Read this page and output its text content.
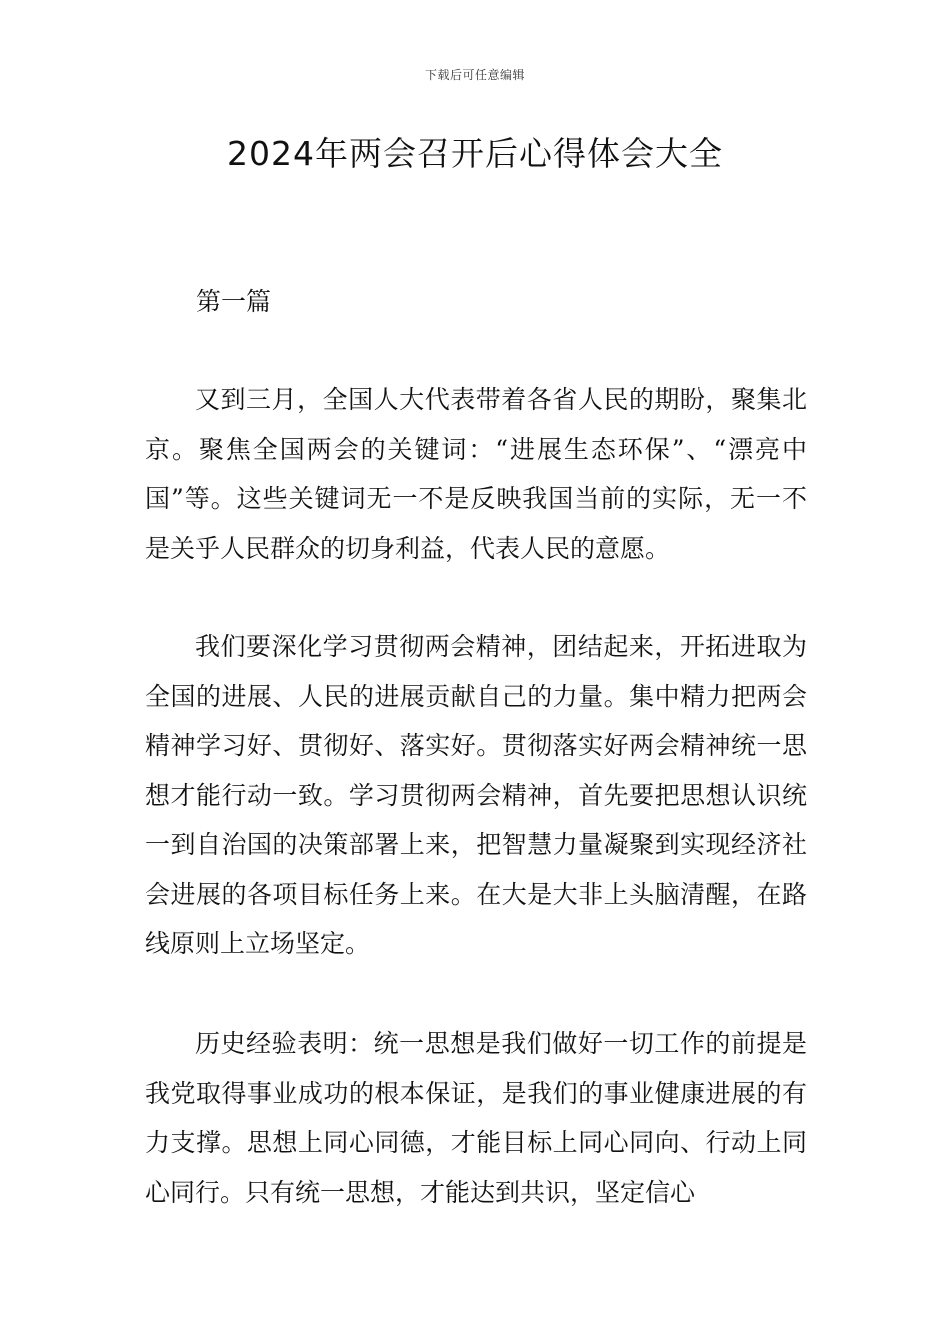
下载后可任意编辑
2024年两会召开后心得体会大全
第一篇

又到三月，全国人大代表带着各省人民的期盼，聚集北京。聚焦全国两会的关键词：“进展生态环保”、“漂亮中国”等。这些关键词无一不是反映我国当前的实际，无一不是关乎人民群众的切身利益，代表人民的意愿。

我们要深化学习贯彻两会精神，团结起来，开拓进取为全国的进展、人民的进展贡献自己的力量。集中精力把两会精神学习好、贯彻好、落实好。贯彻落实好两会精神统一思想才能行动一致。学习贯彻两会精神，首先要把思想认识统一到自治国的决策部署上来，把智慧力量凝聚到实现经济社会进展的各项目标任务上来。在大是大非上头脑清醒，在路线原则上立场坚定。

历史经验表明：统一思想是我们做好一切工作的前提是我党取得事业成功的根本保证，是我们的事业健康进展的有力支撑。思想上同心同德，才能目标上同心同向、行动上同心同行。只有统一思想，才能达到共识，坚定信心
